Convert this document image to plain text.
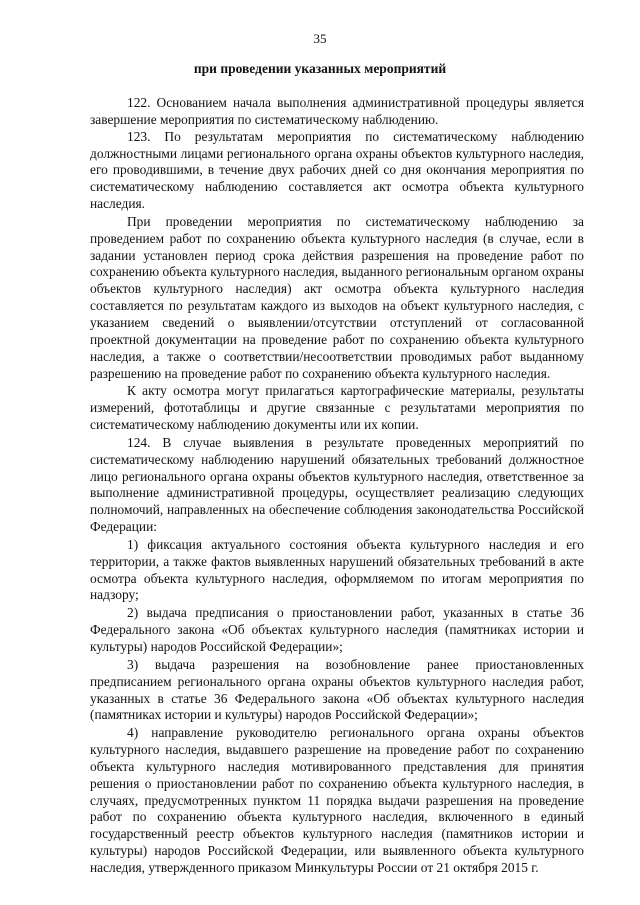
35
при проведении указанных мероприятий

122. Основанием начала выполнения административной процедуры является завершение мероприятия по систематическому наблюдению.

123. По результатам мероприятия по систематическому наблюдению должностными лицами регионального органа охраны объектов культурного наследия, его проводившими, в течение двух рабочих дней со дня окончания мероприятия по систематическому наблюдению составляется акт осмотра объекта культурного наследия.

При проведении мероприятия по систематическому наблюдению за проведением работ по сохранению объекта культурного наследия (в случае, если в задании установлен период срока действия разрешения на проведение работ по сохранению объекта культурного наследия, выданного региональным органом охраны объектов культурного наследия) акт осмотра объекта культурного наследия составляется по результатам каждого из выходов на объект культурного наследия, с указанием сведений о выявлении/отсутствии отступлений от согласованной проектной документации на проведение работ по сохранению объекта культурного наследия, а также о соответствии/несоответствии проводимых работ выданному разрешению на проведение работ по сохранению объекта культурного наследия.

К акту осмотра могут прилагаться картографические материалы, результаты измерений, фототаблицы и другие связанные с результатами мероприятия по систематическому наблюдению документы или их копии.

124. В случае выявления в результате проведенных мероприятий по систематическому наблюдению нарушений обязательных требований должностное лицо регионального органа охраны объектов культурного наследия, ответственное за выполнение административной процедуры, осуществляет реализацию следующих полномочий, направленных на обеспечение соблюдения законодательства Российской Федерации:

1) фиксация актуального состояния объекта культурного наследия и его территории, а также фактов выявленных нарушений обязательных требований в акте осмотра объекта культурного наследия, оформляемом по итогам мероприятия по надзору;

2) выдача предписания о приостановлении работ, указанных в статье 36 Федерального закона «Об объектах культурного наследия (памятниках истории и культуры) народов Российской Федерации»;

3) выдача разрешения на возобновление ранее приостановленных предписанием регионального органа охраны объектов культурного наследия работ, указанных в статье 36 Федерального закона «Об объектах культурного наследия (памятниках истории и культуры) народов Российской Федерации»;

4) направление руководителю регионального органа охраны объектов культурного наследия, выдавшего разрешение на проведение работ по сохранению объекта культурного наследия мотивированного представления для принятия решения о приостановлении работ по сохранению объекта культурного наследия, в случаях, предусмотренных пунктом 11 порядка выдачи разрешения на проведение работ по сохранению объекта культурного наследия, включенного в единый государственный реестр объектов культурного наследия (памятников истории и культуры) народов Российской Федерации, или выявленного объекта культурного наследия, утвержденного приказом Минкультуры России от 21 октября 2015 г.
